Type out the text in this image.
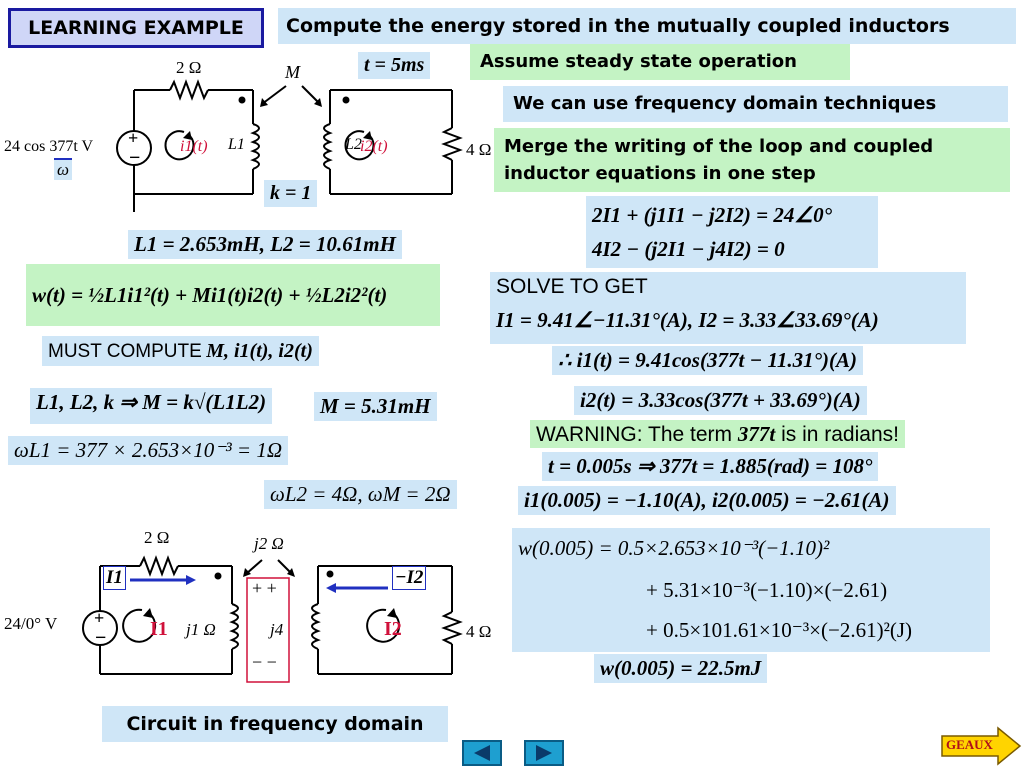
LEARNING EXAMPLE	Compute the energy stored in the mutually coupled inductors
Assume steady state operation
We can use frequency domain techniques
Merge the writing of the loop and coupled
inductor equations in one step
+
−
2 Ω	M
24 cos 377t V
ω
L1	L2
i1(t)	i2(t)	4 Ω
t = 5ms
k = 1
L1 = 2.653mH, L2 = 10.61mH
w(t) = ½L1i1²(t) + Mi1(t)i2(t) + ½L2i2²(t)
MUST COMPUTE M, i1(t), i2(t)
L1, L2, k ⇒ M = k√(L1L2)	M = 5.31mH
ωL1 = 377 × 2.653×10⁻³ = 1Ω
ωL2 = 4Ω, ωM = 2Ω
2I1 + (j1I1 − j2I2) = 24∠0°
4I2 − (j2I1 − j4I2) = 0
SOLVE TO GET
I1 = 9.41∠−11.31°(A), I2 = 3.33∠33.69°(A)
∴ i1(t) = 9.41cos(377t − 11.31°)(A)
i2(t) = 3.33cos(377t + 33.69°)(A)
WARNING: The term 377t is in radians!
t = 0.005s ⇒ 377t = 1.885(rad) = 108°
i1(0.005) = −1.10(A), i2(0.005) = −2.61(A)
w(0.005) = 0.5×2.653×10⁻³(−1.10)²
+ 5.31×10⁻³(−1.10)×(−2.61)
+ 0.5×101.61×10⁻³×(−2.61)²(J)
w(0.005) = 22.5mJ
+
−
2 Ω	j2 Ω
24/0° V
I1	−I2
I1 j1 Ω
+ +
j4
− −
I2	4 Ω
Circuit in frequency domain
GEAUX
